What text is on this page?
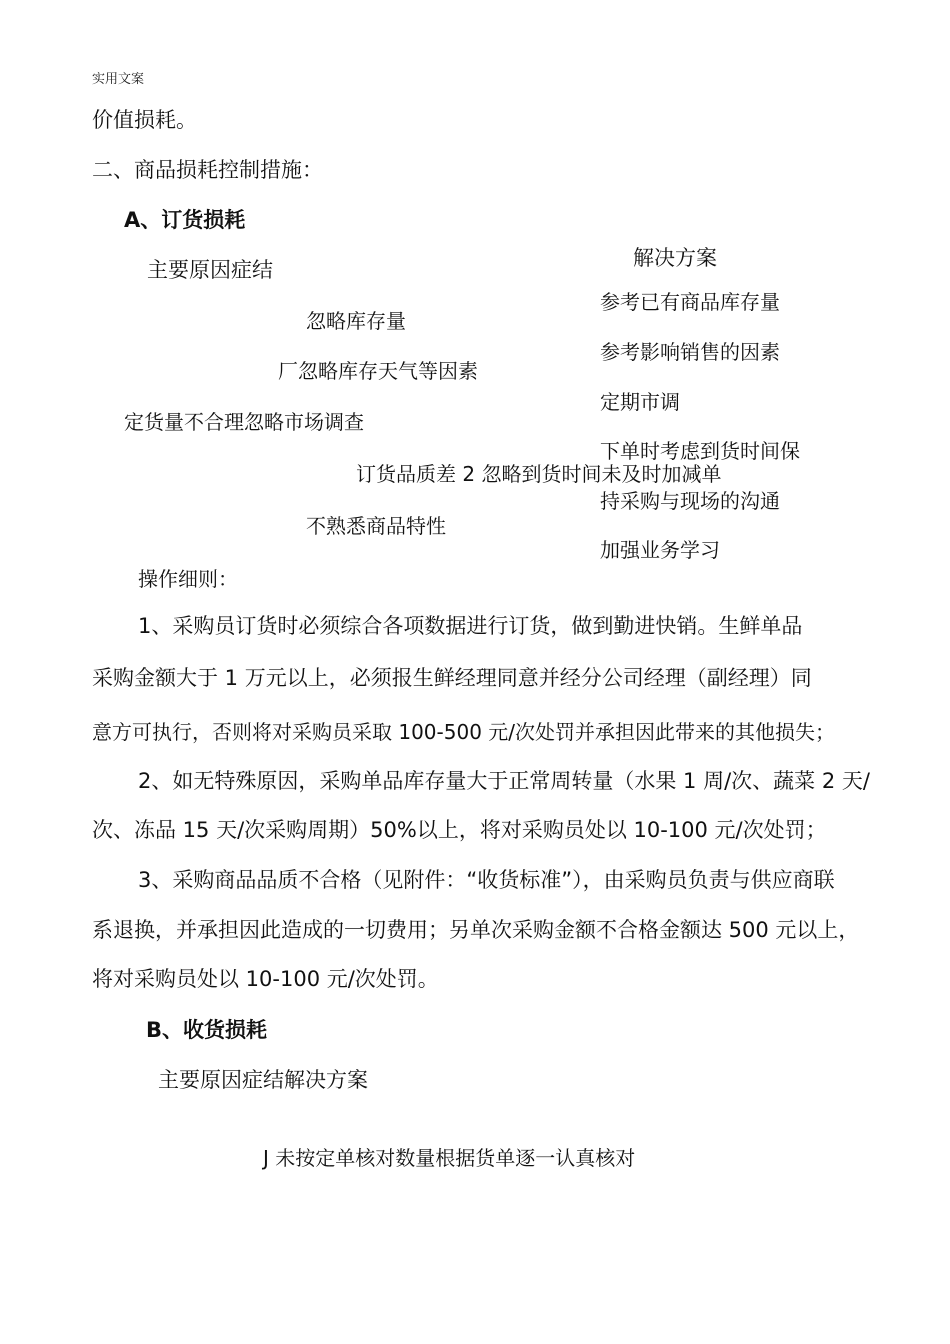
实用文案
价值损耗。
二、商品损耗控制措施：
A、订货损耗
主要原因症结	解决方案
忽略库存量
厂忽略库存天气等因素
定货量不合理忽略市场调查
订货品质差 2 忽略到货时间未及时加减单
不熟悉商品特性
参考已有商品库存量
参考影响销售的因素
定期市调
下单时考虑到货时间保
持采购与现场的沟通
加强业务学习
操作细则：
1、采购员订货时必须综合各项数据进行订货，做到勤进快销。生鲜单品
采购金额大于 1 万元以上，必须报生鲜经理同意并经分公司经理（副经理）同
意方可执行，否则将对采购员采取 100-500 元/次处罚并承担因此带来的其他损失；
2、如无特殊原因，采购单品库存量大于正常周转量（水果 1 周/次、蔬菜 2 天/
次、冻品 15 天/次采购周期）50%以上，将对采购员处以 10-100 元/次处罚；
3、采购商品品质不合格（见附件：“收货标准”），由采购员负责与供应商联
系退换，并承担因此造成的一切费用；另单次采购金额不合格金额达 500 元以上，
将对采购员处以 10-100 元/次处罚。
B、收货损耗
主要原因症结解决方案
J 未按定单核对数量根据货单逐一认真核对
